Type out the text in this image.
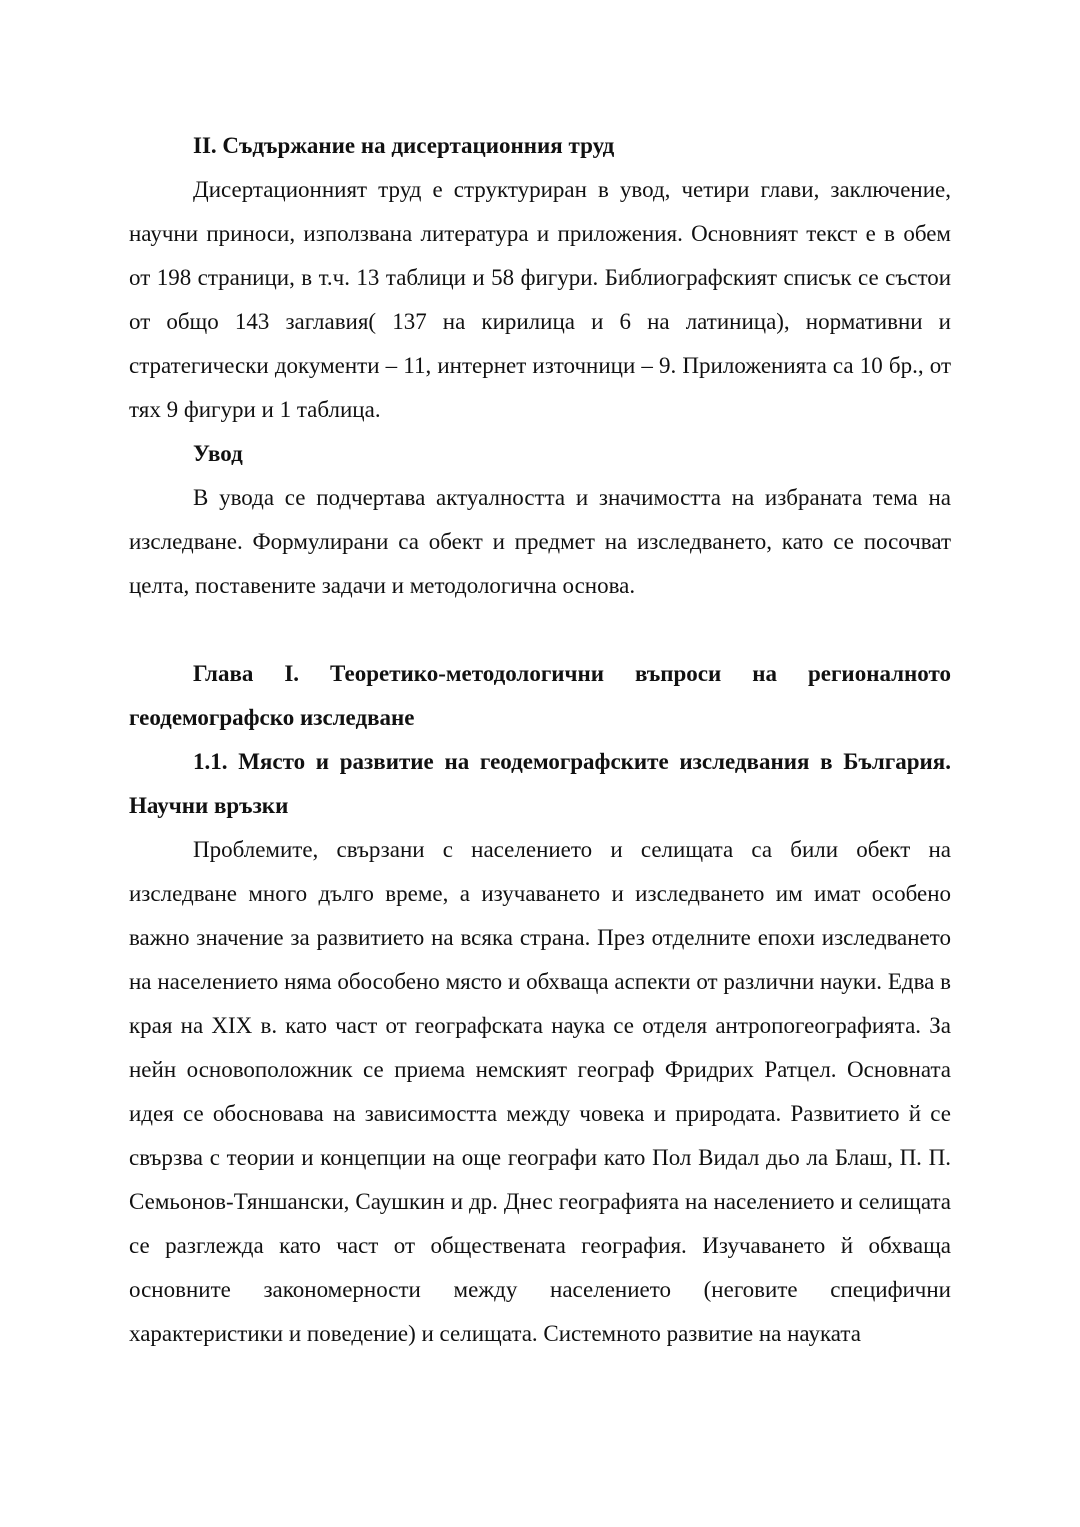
II. Съдържание на дисертационния труд

Дисертационният труд е структуриран в увод, четири глави, заключение, научни приноси, използвана литература и приложения. Основният текст е в обем от 198 страници, в т.ч. 13 таблици и 58 фигури. Библиографският списък се състои от общо 143 заглавия( 137 на кирилица и 6 на латиница), нормативни и стратегически документи – 11, интернет източници – 9. Приложенията са 10 бр., от тях 9 фигури и 1 таблица.

Увод

В увода се подчертава актуалността и значимостта на избраната тема на изследване. Формулирани са обект и предмет на изследването, като се посочват целта, поставените задачи и методологична основа.

Глава I. Теоретико-методологични въпроси на регионалното геодемографско изследване

1.1. Място и развитие на геодемографските изследвания в България. Научни връзки

Проблемите, свързани с населението и селищата са били обект на изследване много дълго време, а изучаването и изследването им имат особено важно значение за развитието на всяка страна. През отделните епохи изследването на населението няма обособено място и обхваща аспекти от различни науки. Едва в края на XIX в. като част от географската наука се отделя антропогеографията. За нейн основоположник се приема немският географ Фридрих Ратцел. Основната идея се обосновава на зависимостта между човека и природата. Развитието й се свързва с теории и концепции на още географи като Пол Видал дьо ла Блаш, П. П. Семьонов-Тяншански, Саушкин и др. Днес географията на населението и селищата се разглежда като част от обществената география. Изучаването й обхваща основните закономерности между населението (неговите специфични характеристики и поведение) и селищата. Системното развитие на науката
